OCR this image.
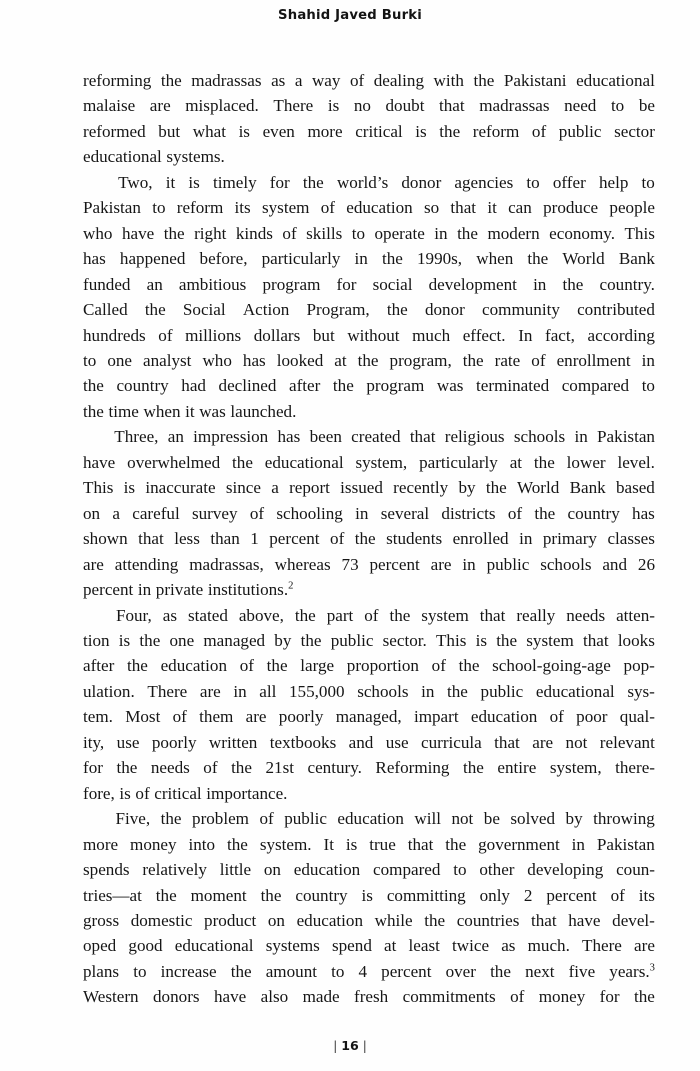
Shahid Javed Burki
reforming the madrassas as a way of dealing with the Pakistani educational
malaise are misplaced. There is no doubt that madrassas need to be
reformed but what is even more critical is the reform of public sector
educational systems.
Two, it is timely for the world’s donor agencies to offer help to
Pakistan to reform its system of education so that it can produce people
who have the right kinds of skills to operate in the modern economy. This
has happened before, particularly in the 1990s, when the World Bank
funded an ambitious program for social development in the country.
Called the Social Action Program, the donor community contributed
hundreds of millions dollars but without much effect. In fact, according
to one analyst who has looked at the program, the rate of enrollment in
the country had declined after the program was terminated compared to
the time when it was launched.
Three, an impression has been created that religious schools in Pakistan
have overwhelmed the educational system, particularly at the lower level.
This is inaccurate since a report issued recently by the World Bank based
on a careful survey of schooling in several districts of the country has
shown that less than 1 percent of the students enrolled in primary classes
are attending madrassas, whereas 73 percent are in public schools and 26
percent in private institutions.$^2$
Four, as stated above, the part of the system that really needs atten-
tion is the one managed by the public sector. This is the system that looks
after the education of the large proportion of the school-going-age pop-
ulation. There are in all 155,000 schools in the public educational sys-
tem. Most of them are poorly managed, impart education of poor qual-
ity, use poorly written textbooks and use curricula that are not relevant
for the needs of the 21st century. Reforming the entire system, there-
fore, is of critical importance.
Five, the problem of public education will not be solved by throwing
more money into the system. It is true that the government in Pakistan
spends relatively little on education compared to other developing coun-
tries—at the moment the country is committing only 2 percent of its
gross domestic product on education while the countries that have devel-
oped good educational systems spend at least twice as much. There are
plans to increase the amount to 4 percent over the next five years.$^3$
Western donors have also made fresh commitments of money for the
| 16 |
